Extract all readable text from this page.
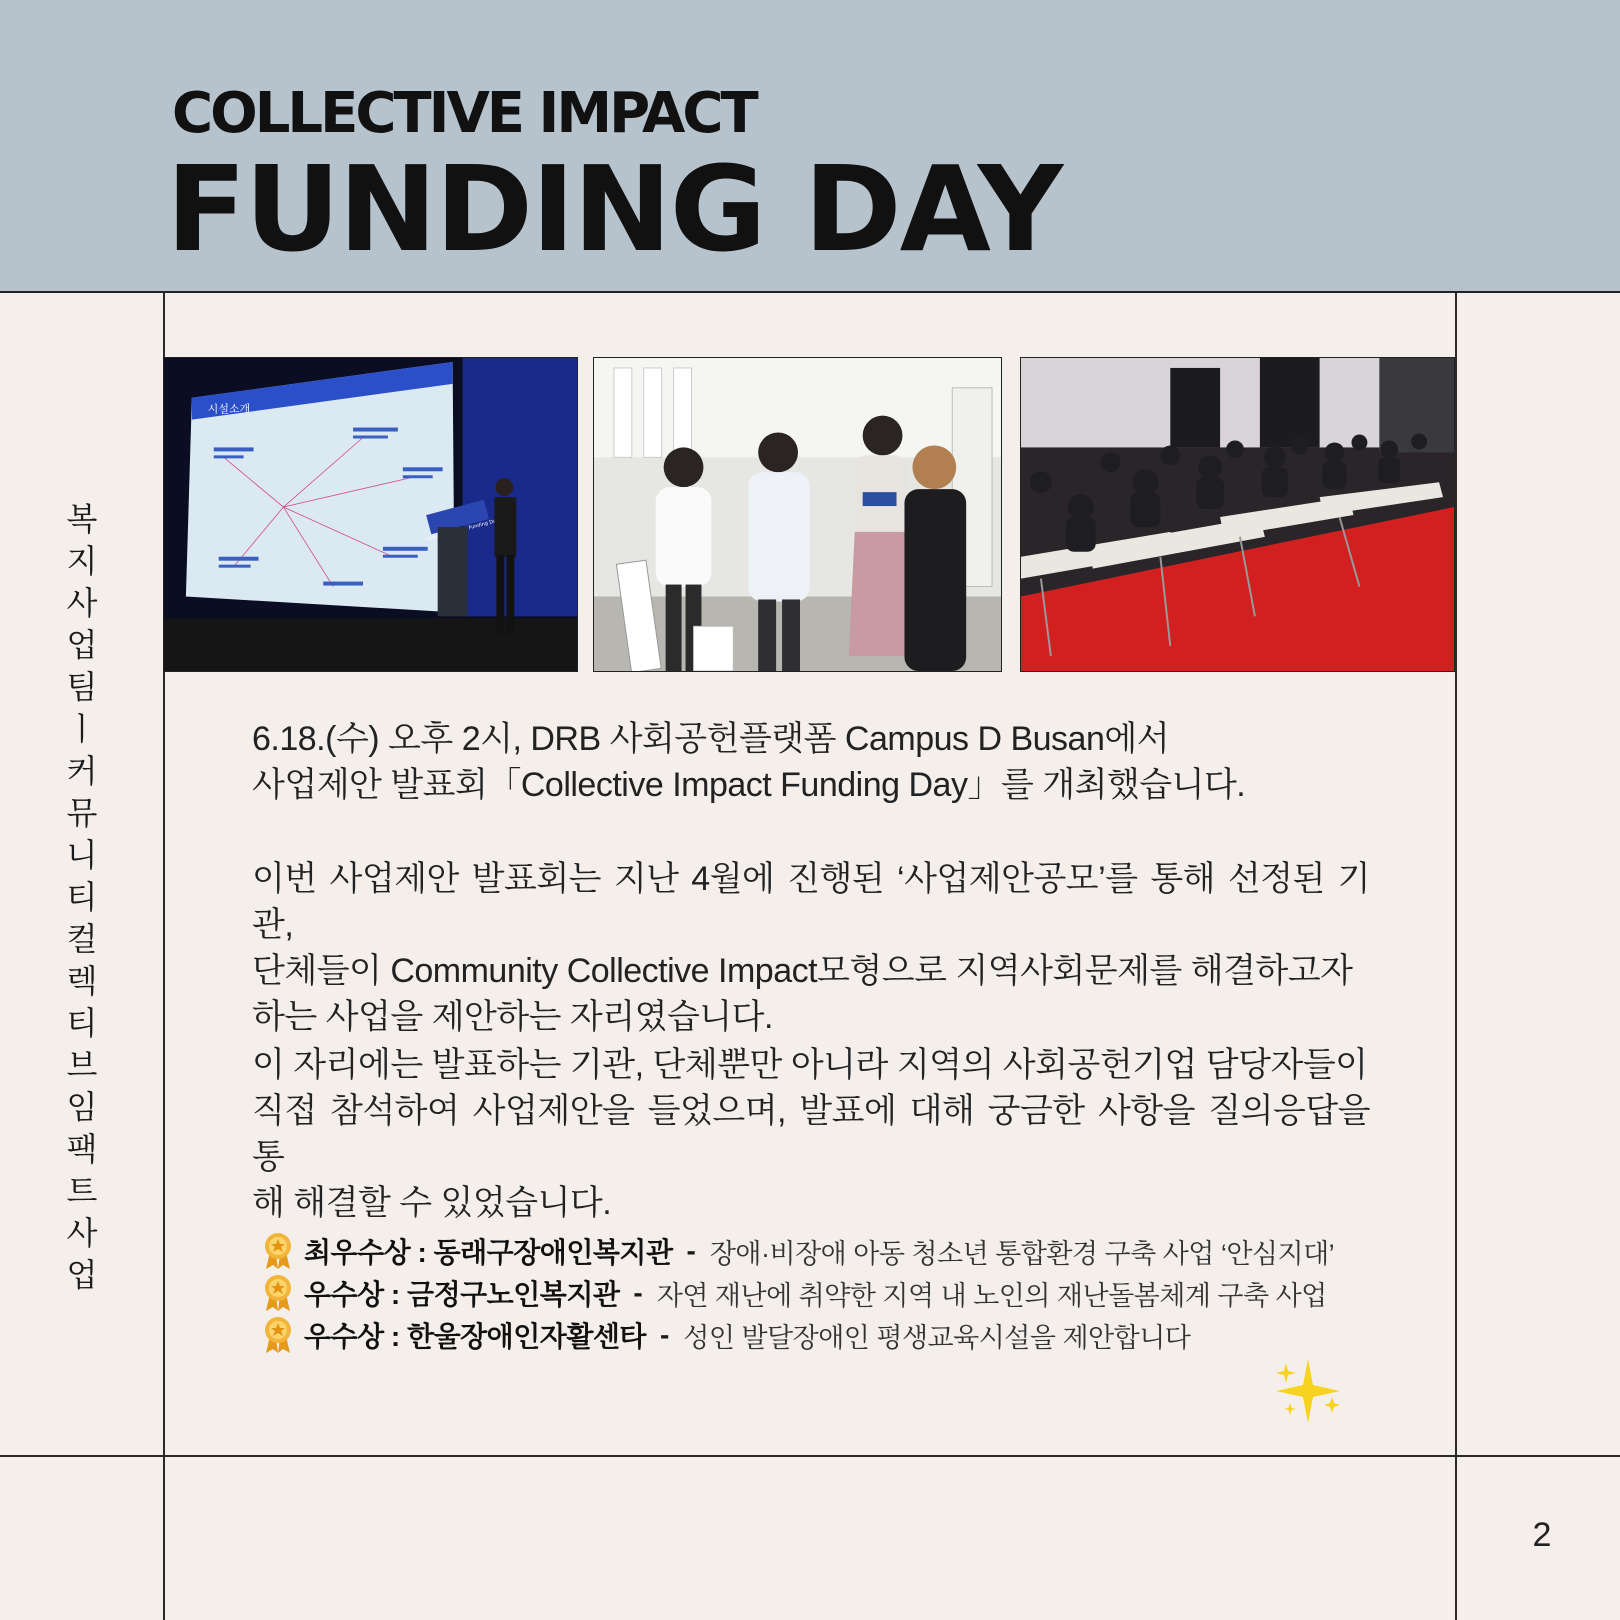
COLLECTIVE IMPACT
FUNDING DAY
복지사업팀ㅣ커뮤니티컬렉티브임팩트 사업
시설소개
Collective Funding Day
6.18.(수) 오후 2시, DRB 사회공헌플랫폼 Campus D Busan에서
사업제안 발표회「Collective Impact Funding Day」를 개최했습니다.
이번 사업제안 발표회는 지난 4월에 진행된 ‘사업제안공모’를 통해 선정된 기관,
단체들이 Community Collective Impact모형으로 지역사회문제를 해결하고자
하는 사업을 제안하는 자리였습니다.
이 자리에는 발표하는 기관, 단체뿐만 아니라 지역의 사회공헌기업 담당자들이
직접 참석하여 사업제안을 들었으며, 발표에 대해 궁금한 사항을 질의응답을 통
해 해결할 수 있었습니다.
최우수상 : 동래구장애인복지관 - 장애·비장애 아동 청소년 통합환경 구축 사업 ‘안심지대’
우수상 : 금정구노인복지관 - 자연 재난에 취약한 지역 내 노인의 재난돌봄체계 구축 사업
우수상 : 한울장애인자활센타 - 성인 발달장애인 평생교육시설을 제안합니다
2
